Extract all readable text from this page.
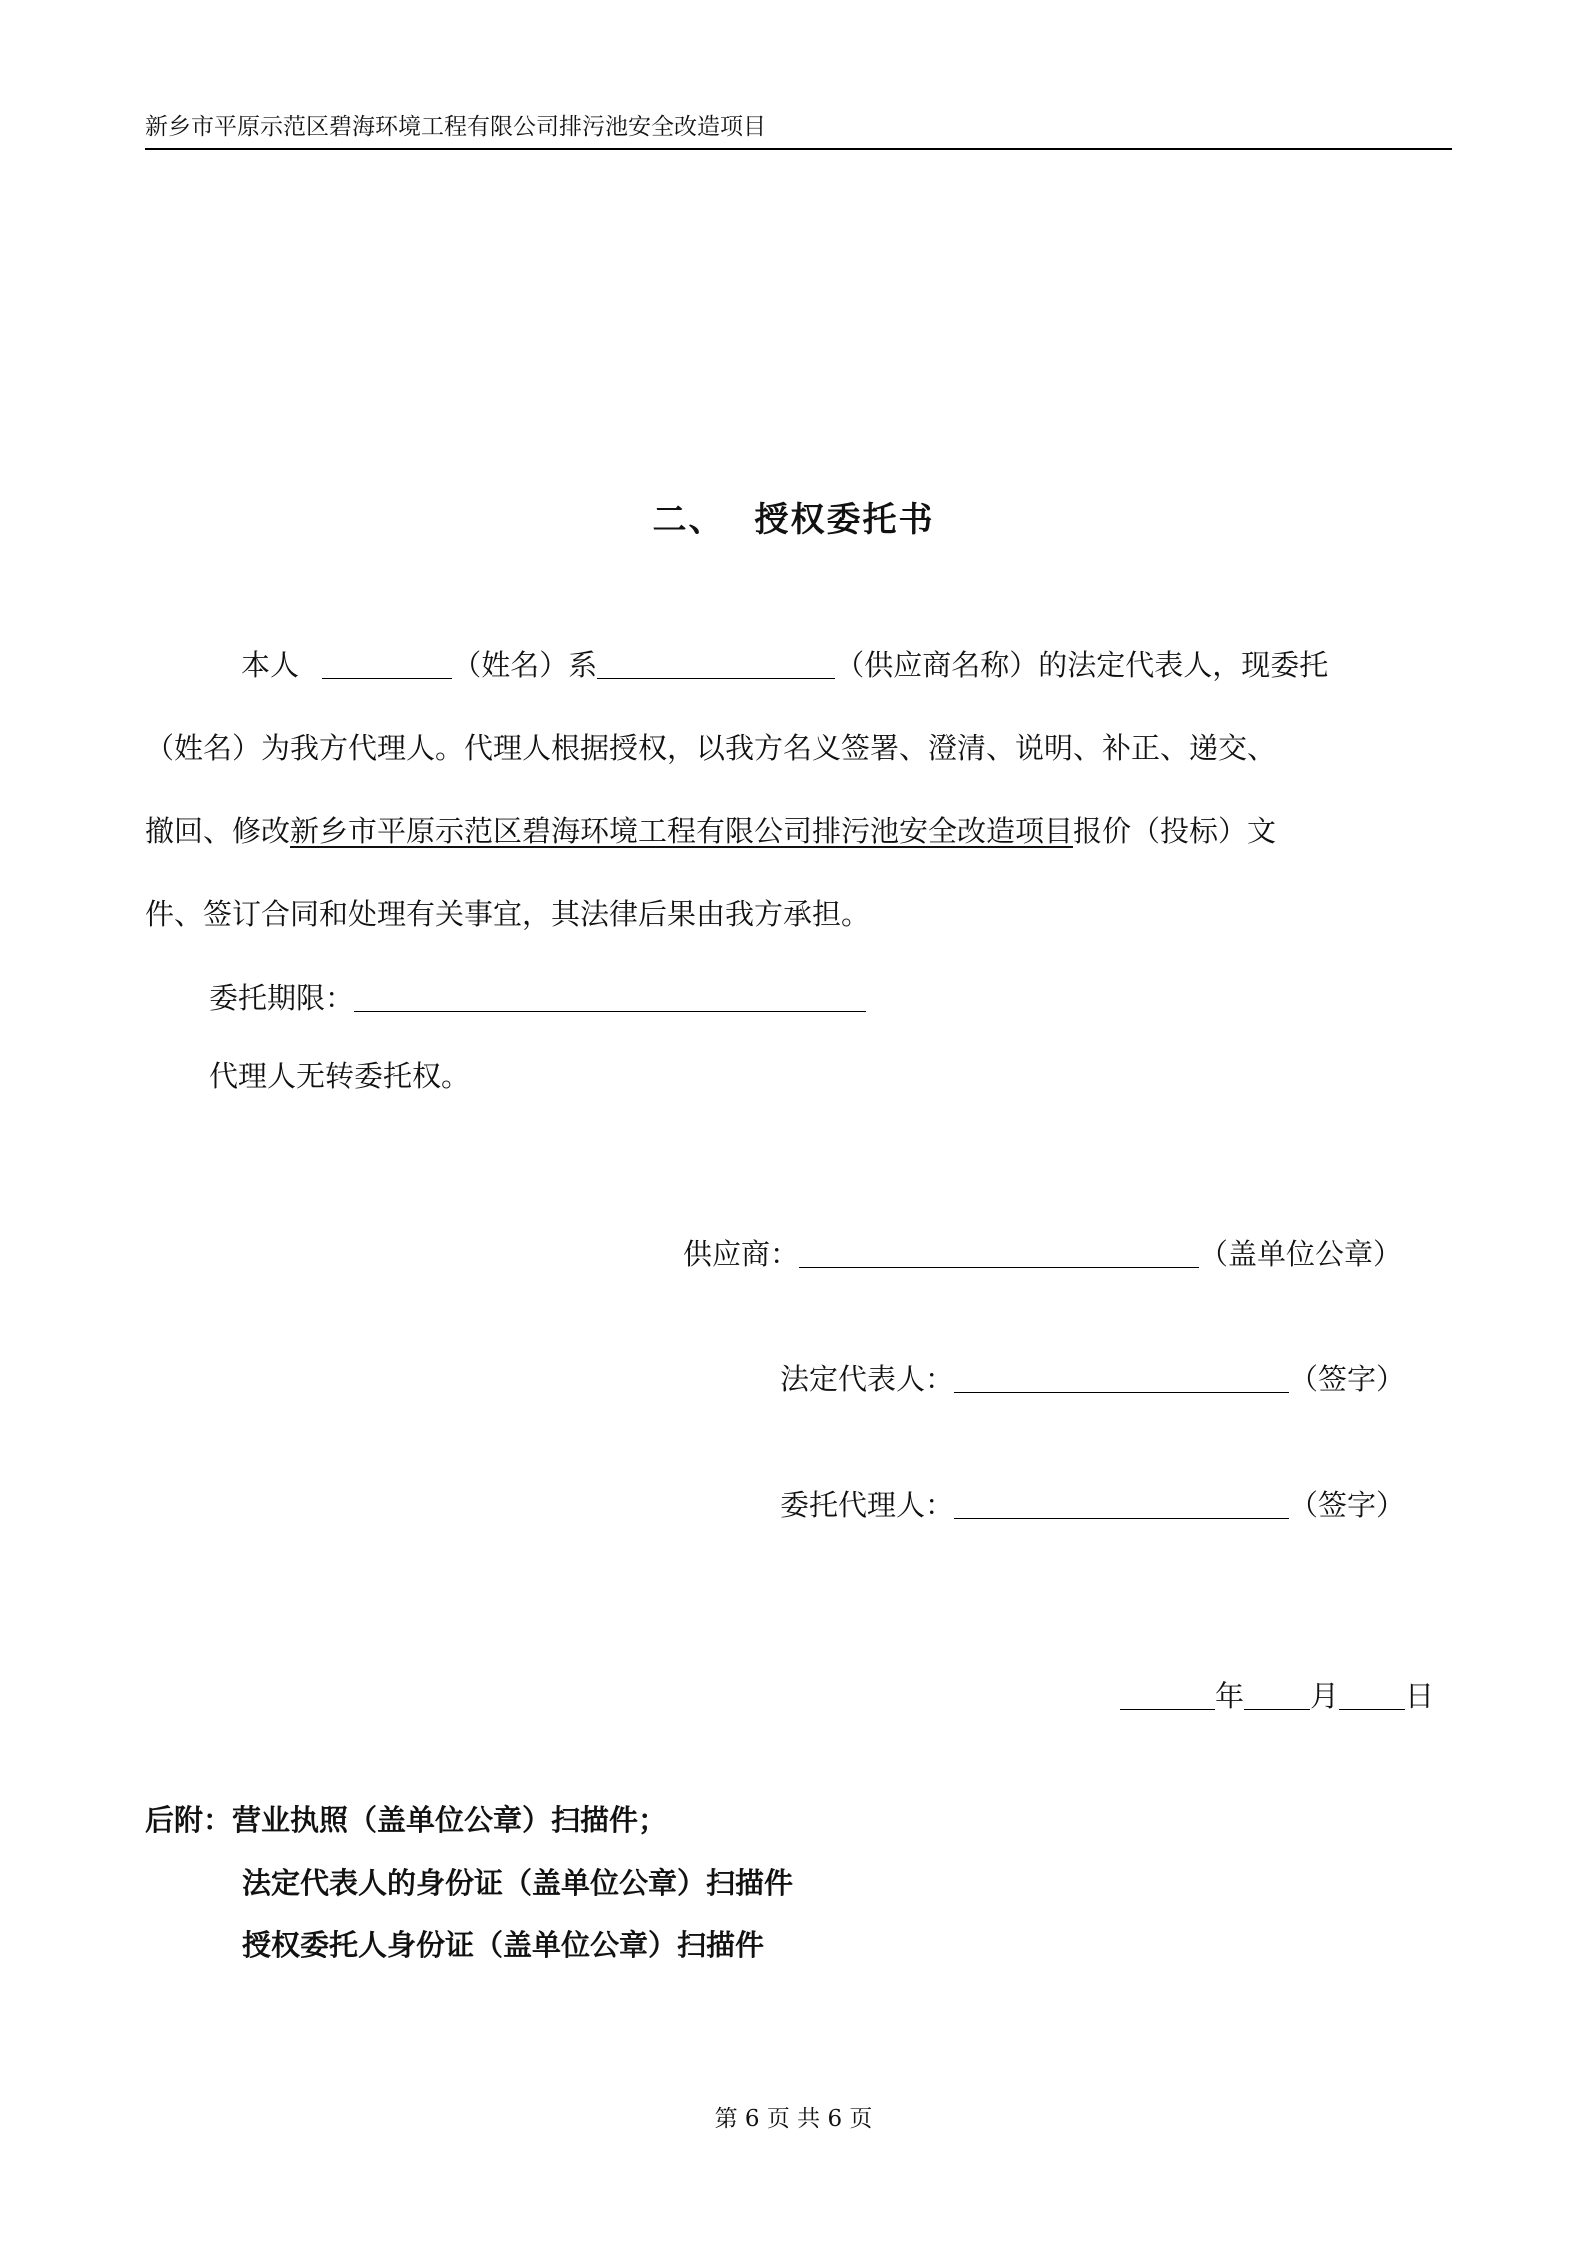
新乡市平原示范区碧海环境工程有限公司排污池安全改造项目
二、 授权委托书
本人	（姓名）系	（供应商名称）的法定代表人，现委托
（姓名）为我方代理人。代理人根据授权，以我方名义签署、澄清、说明、补正、递交、
撤回、修改新乡市平原示范区碧海环境工程有限公司排污池安全改造项目报价（投标）文
件、签订合同和处理有关事宜，其法律后果由我方承担。
委托期限：
代理人无转委托权。
供应商：	（盖单位公章）
法定代表人：	（签字）
委托代理人：	（签字）
年 月 日
后附：营业执照（盖单位公章）扫描件；
法定代表人的身份证（盖单位公章）扫描件
授权委托人身份证（盖单位公章）扫描件
第 6 页 共 6 页
